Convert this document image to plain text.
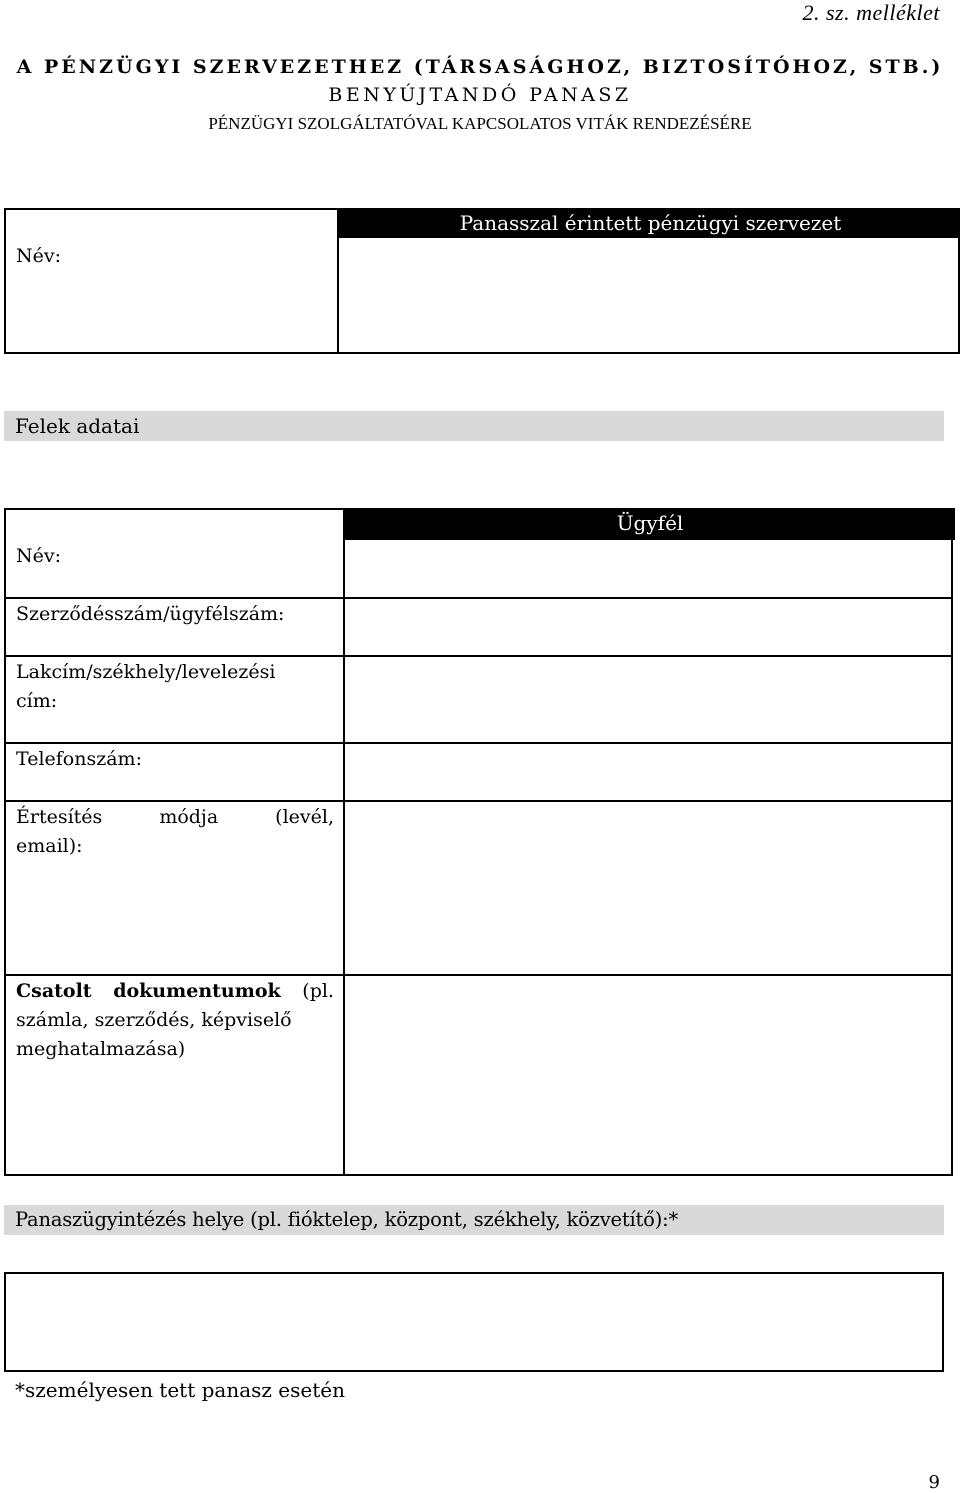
2. sz. melléklet
A PÉNZÜGYI SZERVEZETHEZ (TÁRSASÁGHOZ, BIZTOSÍTÓHOZ, STB.)
BENYÚJTANDÓ PANASZ
PÉNZÜGYI SZOLGÁLTATÓVAL KAPCSOLATOS VITÁK RENDEZÉSÉRE
Panasszal érintett pénzügyi szervezet
Név:
Felek adatai
Ügyfél
Név:
Szerződésszám/ügyfélszám:
Lakcím/székhely/levelezési
cím:
Telefonszám:
Értesítés	módja	(levél,
email):
Csatolt dokumentumok (pl.
számla, szerződés, képviselő
meghatalmazása)
Panaszügyintézés helye (pl. fióktelep, központ, székhely, közvetítő):*
*személyesen tett panasz esetén
9
